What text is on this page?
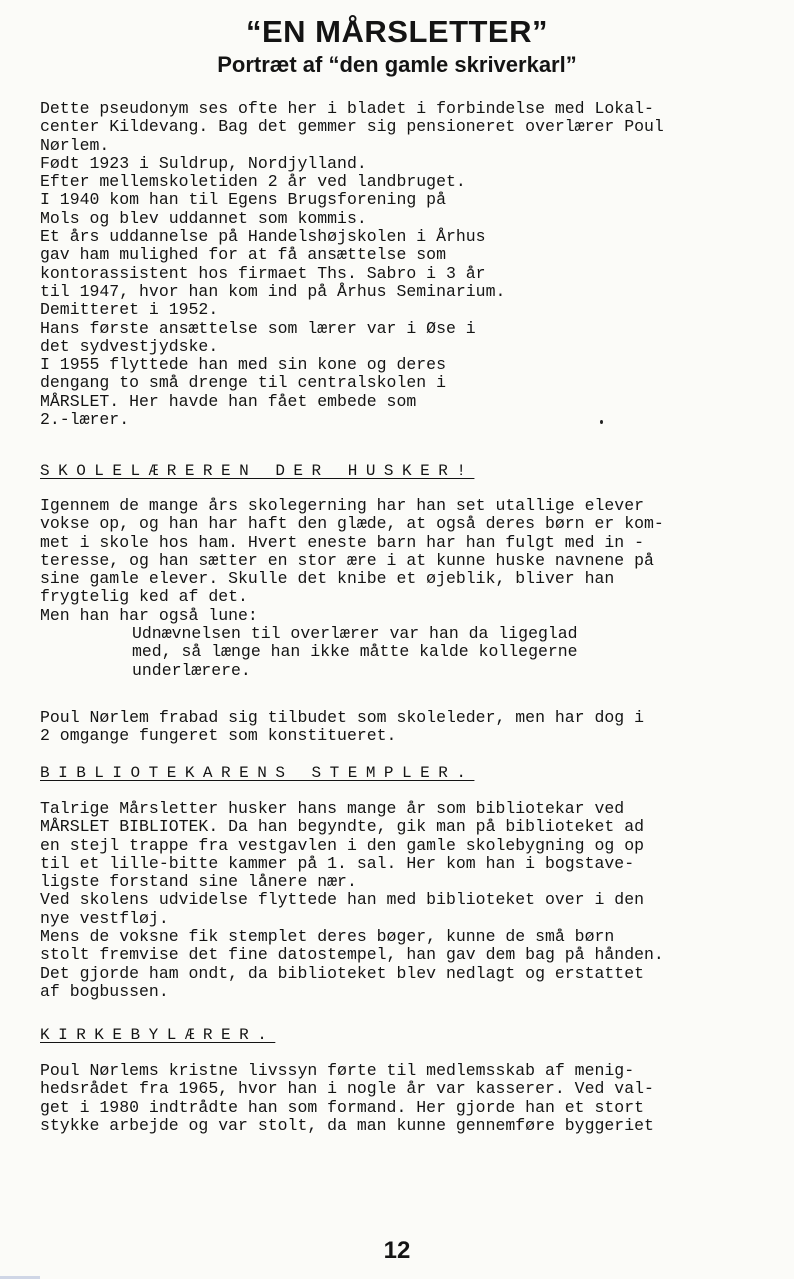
“EN MÅRSLETTER”
Portræt af “den gamle skriverkarl”

Dette pseudonym ses ofte her i bladet i forbindelse med Lokal-

center Kildevang. Bag det gemmer sig pensioneret overlærer Poul

Nørlem.

Født 1923 i Suldrup, Nordjylland.

Efter mellemskoletiden 2 år ved landbruget.

I 1940 kom han til Egens Brugsforening på

Mols og blev uddannet som kommis.

Et års uddannelse på Handelshøjskolen i Århus

gav ham mulighed for at få ansættelse som

kontorassistent hos firmaet Ths. Sabro i 3 år

til 1947, hvor han kom ind på Århus Seminarium.

Demitteret i 1952.

Hans første ansættelse som lærer var i Øse i

det sydvestjydske.

I 1955 flyttede han med sin kone og deres

dengang to små drenge til centralskolen i

MÅRSLET. Her havde han fået embede som

2.-lærer.

SKOLELÆREREN DER HUSKER!

Igennem de mange års skolegerning har han set utallige elever

vokse op, og han har haft den glæde, at også deres børn er kom-

met i skole hos ham. Hvert eneste barn har han fulgt med in -

teresse, og han sætter en stor ære i at kunne huske navnene på

sine gamle elever. Skulle det knibe et øjeblik, bliver han

frygtelig ked af det.

Men han har også lune:

Udnævnelsen til overlærer var han da ligeglad

med, så længe han ikke måtte kalde kollegerne

underlærere.

Poul Nørlem frabad sig tilbudet som skoleleder, men har dog i

2 omgange fungeret som konstitueret.

BIBLIOTEKARENS STEMPLER.

Talrige Mårsletter husker hans mange år som bibliotekar ved

MÅRSLET BIBLIOTEK. Da han begyndte, gik man på biblioteket ad

en stejl trappe fra vestgavlen i den gamle skolebygning og op

til et lille-bitte kammer på 1. sal. Her kom han i bogstave-

ligste forstand sine lånere nær.

Ved skolens udvidelse flyttede han med biblioteket over i den

nye vestfløj.

Mens de voksne fik stemplet deres bøger, kunne de små børn

stolt fremvise det fine datostempel, han gav dem bag på hånden.

Det gjorde ham ondt, da biblioteket blev nedlagt og erstattet

af bogbussen.

KIRKEBYLÆRER.

Poul Nørlems kristne livssyn førte til medlemsskab af menig-

hedsrådet fra 1965, hvor han i nogle år var kasserer. Ved val-

get i 1980 indtrådte han som formand. Her gjorde han et stort

stykke arbejde og var stolt, da man kunne gennemføre byggeriet

12
